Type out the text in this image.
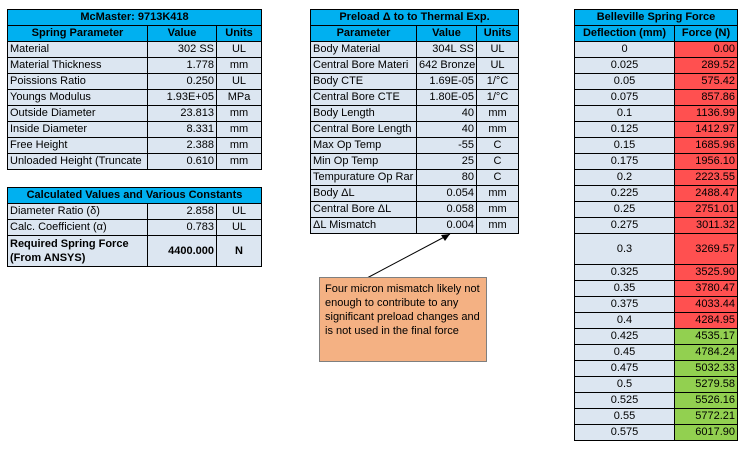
McMaster: 9713K418		
Spring Parameter	Value	Units
Material	302 SS	UL
Material Thickness	1.778	mm
Poissions Ratio	0.250	UL
Youngs Modulus	1.93E+05	MPa
Outside Diameter	23.813	mm
Inside Diameter	8.331	mm
Free Height	2.388	mm
Unloaded Height (Truncate	0.610	mm
Calculated Values and Various Constants		
Diameter Ratio (δ)	2.858	UL
Calc. Coefficient (α)	0.783	UL

Required Spring Force
(From ANSYS)	4400.000	N
Preload Δ to to Thermal Exp.		
Parameter	Value	Units
Body Material	304L SS	UL
Central Bore Materi	642 Bronze	UL
Body CTE	1.69E-05	1/°C
Central Bore CTE	1.80E-05	1/°C
Body Length	40	mm
Central Bore Length	40	mm
Max Op Temp	-55	C
Min Op Temp	25	C
Tempurature Op Rar	80	C
Body ΔL	0.054	mm
Central Bore ΔL	0.058	mm
ΔL Mismatch	0.004	mm
Belleville Spring Force	
Deflection (mm)	Force (N)
0	0.00
0.025	289.52
0.05	575.42
0.075	857.86
0.1	1136.99
0.125	1412.97
0.15	1685.96
0.175	1956.10
0.2	2223.55
0.225	2488.47
0.25	2751.01
0.275	3011.32
0.3	3269.57
0.325	3525.90
0.35	3780.47
0.375	4033.44
0.4	4284.95
0.425	4535.17
0.45	4784.24
0.475	5032.33
0.5	5279.58
0.525	5526.16
0.55	5772.21
0.575	6017.90
Four micron mismatch likely not enough to contribute to any significant preload changes and is not used in the final force
